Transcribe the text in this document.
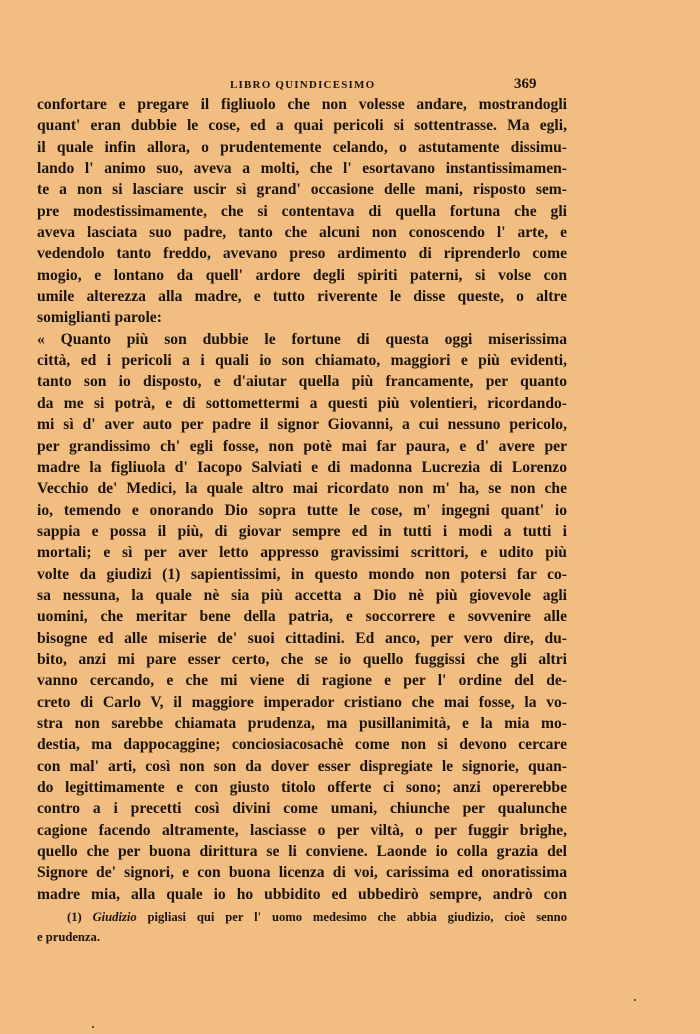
LIBRO QUINDICESIMO	369
confortare e pregare il figliuolo che non volesse andare, mostrandogli
quant' eran dubbie le cose, ed a quai pericoli si sottentrasse. Ma egli,
il quale infin allora, o prudentemente celando, o astutamente dissimu-
lando l' animo suo, aveva a molti, che l' esortavano instantissimamen-
te a non si lasciare uscir sì grand' occasione delle mani, risposto sem-
pre modestissimamente, che si contentava di quella fortuna che gli
aveva lasciata suo padre, tanto che alcuni non conoscendo l' arte, e
vedendolo tanto freddo, avevano preso ardimento di riprenderlo come
mogio, e lontano da quell' ardore degli spiriti paterni, si volse con
umile alterezza alla madre, e tutto riverente le disse queste, o altre
somiglianti parole:
« Quanto più son dubbie le fortune di questa oggi miserissima
città, ed i pericoli a i quali io son chiamato, maggiori e più evidenti,
tanto son io disposto, e d'aiutar quella più francamente, per quanto
da me si potrà, e di sottomettermi a questi più volentieri, ricordando-
mi sì d' aver auto per padre il signor Giovanni, a cui nessuno pericolo,
per grandissimo ch' egli fosse, non potè mai far paura, e d' avere per
madre la figliuola d' Iacopo Salviati e di madonna Lucrezia di Lorenzo
Vecchio de' Medici, la quale altro mai ricordato non m' ha, se non che
io, temendo e onorando Dio sopra tutte le cose, m' ingegni quant' io
sappia e possa il più, di giovar sempre ed in tutti i modi a tutti i
mortali; e sì per aver letto appresso gravissimi scrittori, e udito più
volte da giudizi (1) sapientissimi, in questo mondo non potersi far co-
sa nessuna, la quale nè sia più accetta a Dio nè più giovevole agli
uomini, che meritar bene della patria, e soccorrere e sovvenire alle
bisogne ed alle miserie de' suoi cittadini. Ed anco, per vero dire, du-
bito, anzi mi pare esser certo, che se io quello fuggissi che gli altri
vanno cercando, e che mi viene di ragione e per l' ordine del de-
creto di Carlo V, il maggiore imperador cristiano che mai fosse, la vo-
stra non sarebbe chiamata prudenza, ma pusillanimità, e la mia mo-
destia, ma dappocaggine; conciosiacosachè come non si devono cercare
con mal' arti, così non son da dover esser dispregiate le signorie, quan-
do legittimamente e con giusto titolo offerte ci sono; anzi opererebbe
contro a i precetti così divini come umani, chiunche per qualunche
cagione facendo altramente, lasciasse o per viltà, o per fuggir brighe,
quello che per buona dirittura se li conviene. Laonde io colla grazia del
Signore de' signori, e con buona licenza di voi, carissima ed onoratissima
madre mia, alla quale io ho ubbidito ed ubbedirò sempre, andrò con
(1) Giudizio pigliasi qui per l' uomo medesimo che abbia giudizio, cioè senno
e prudenza.
